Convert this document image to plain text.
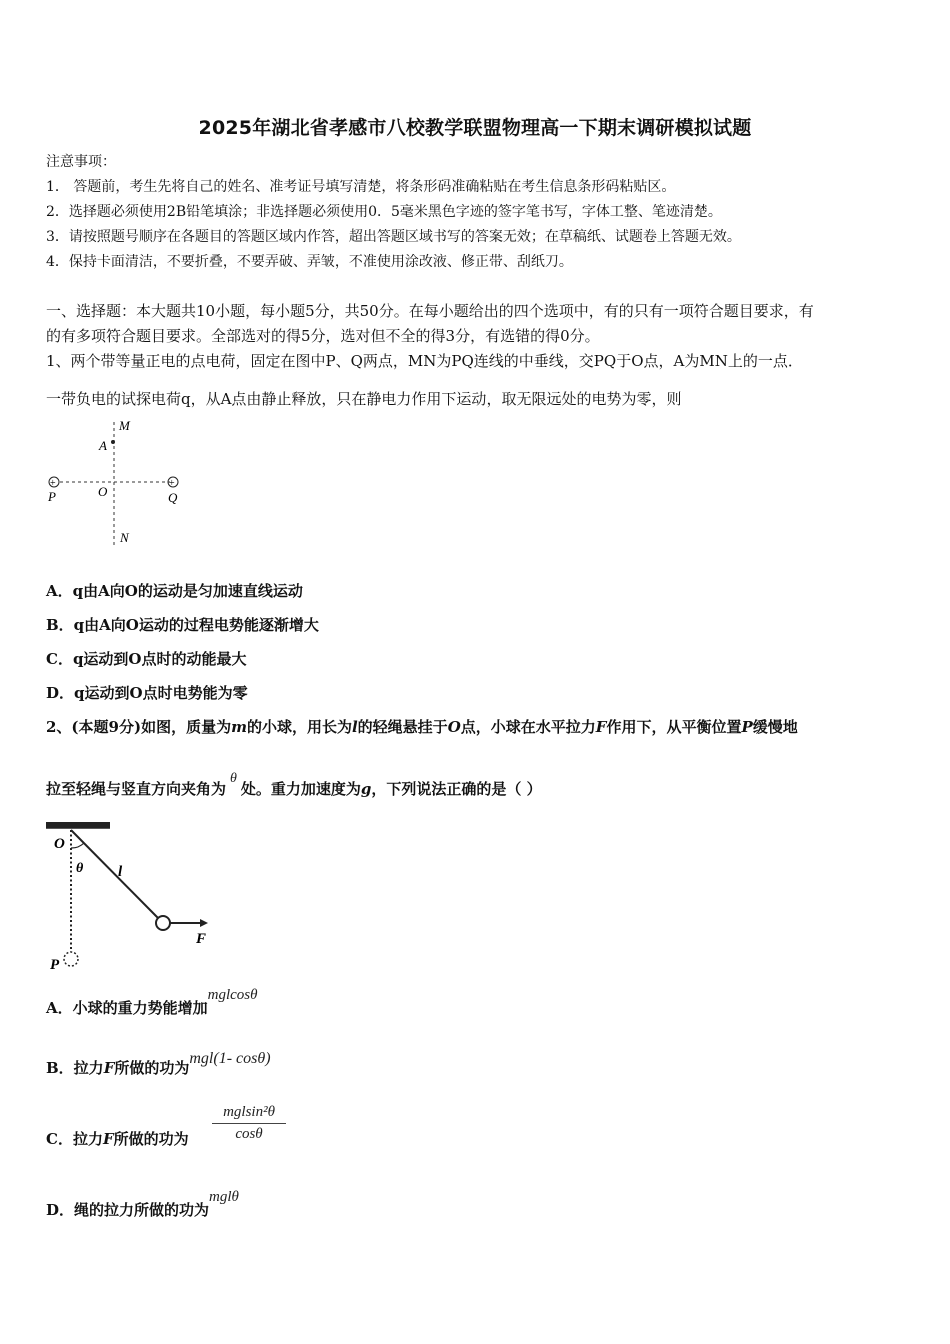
2025年湖北省孝感市八校教学联盟物理高一下期末调研模拟试题
注意事项：
1． 答题前，考生先将自己的姓名、准考证号填写清楚，将条形码准确粘贴在考生信息条形码粘贴区。
2．选择题必须使用2B铅笔填涂；非选择题必须使用0．5毫米黑色字迹的签字笔书写，字体工整、笔迹清楚。
3．请按照题号顺序在各题目的答题区域内作答，超出答题区域书写的答案无效；在草稿纸、试题卷上答题无效。
4．保持卡面清洁，不要折叠，不要弄破、弄皱，不准使用涂改液、修正带、刮纸刀。
一、选择题：本大题共10小题，每小题5分，共50分。在每小题给出的四个选项中，有的只有一项符合题目要求，有
的有多项符合题目要求。全部选对的得5分，选对但不全的得3分，有选错的得0分。
1、两个带等量正电的点电荷，固定在图中P、Q两点，MN为PQ连线的中垂线，交PQ于O点，A为MN上的一点．
一带负电的试探电荷q，从A点由静止释放，只在静电力作用下运动，取无限远处的电势为零，则
+	+
M
A
P	O	Q
N
A．q由A向O的运动是匀加速直线运动
B．q由A向O运动的过程电势能逐渐增大
C．q运动到O点时的动能最大
D．q运动到O点时电势能为零
2、(本题9分)如图，质量为m的小球，用长为l的轻绳悬挂于O点，小球在水平拉力F作用下，从平衡位置P缓慢地
拉至轻绳与竖直方向夹角为θ处。重力加速度为g，下列说法正确的是（ ）
O
θ l
F
P
A．小球的重力势能增加mglcosθ
B．拉力F所做的功为mgl(1- cosθ)
C．拉力F所做的功为
mglsin²θ
cosθ
D．绳的拉力所做的功为mglθ
